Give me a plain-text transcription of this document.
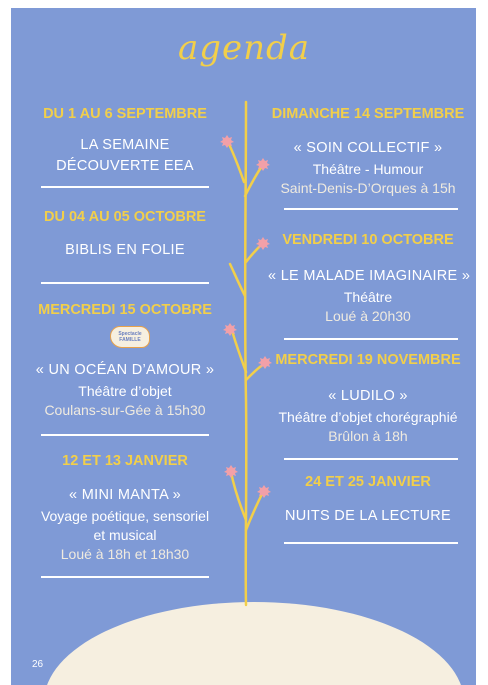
agenda
DU 1 AU 6 SEPTEMBRE
LA SEMAINE
DÉCOUVERTE EEA
DU 04 AU 05 OCTOBRE
BIBLIS EN FOLIE
MERCREDI 15 OCTOBRE
« UN OCÉAN D’AMOUR »
Théâtre d’objet
Coulans-sur-Gée à 15h30
12 ET 13 JANVIER
« MINI MANTA »
Voyage poétique, sensoriel
et musical
Loué à 18h et 18h30
Spectacle FAMILLE
DIMANCHE 14 SEPTEMBRE
« SOIN COLLECTIF »
Théâtre - Humour
Saint-Denis-D’Orques à 15h
VENDREDI 10 OCTOBRE
« LE MALADE IMAGINAIRE »
Théâtre
Loué à 20h30
MERCREDI 19 NOVEMBRE
« LUDILO »
Théâtre d’objet chorégraphié
Brûlon à 18h
24 ET 25 JANVIER
NUITS DE LA LECTURE
26
